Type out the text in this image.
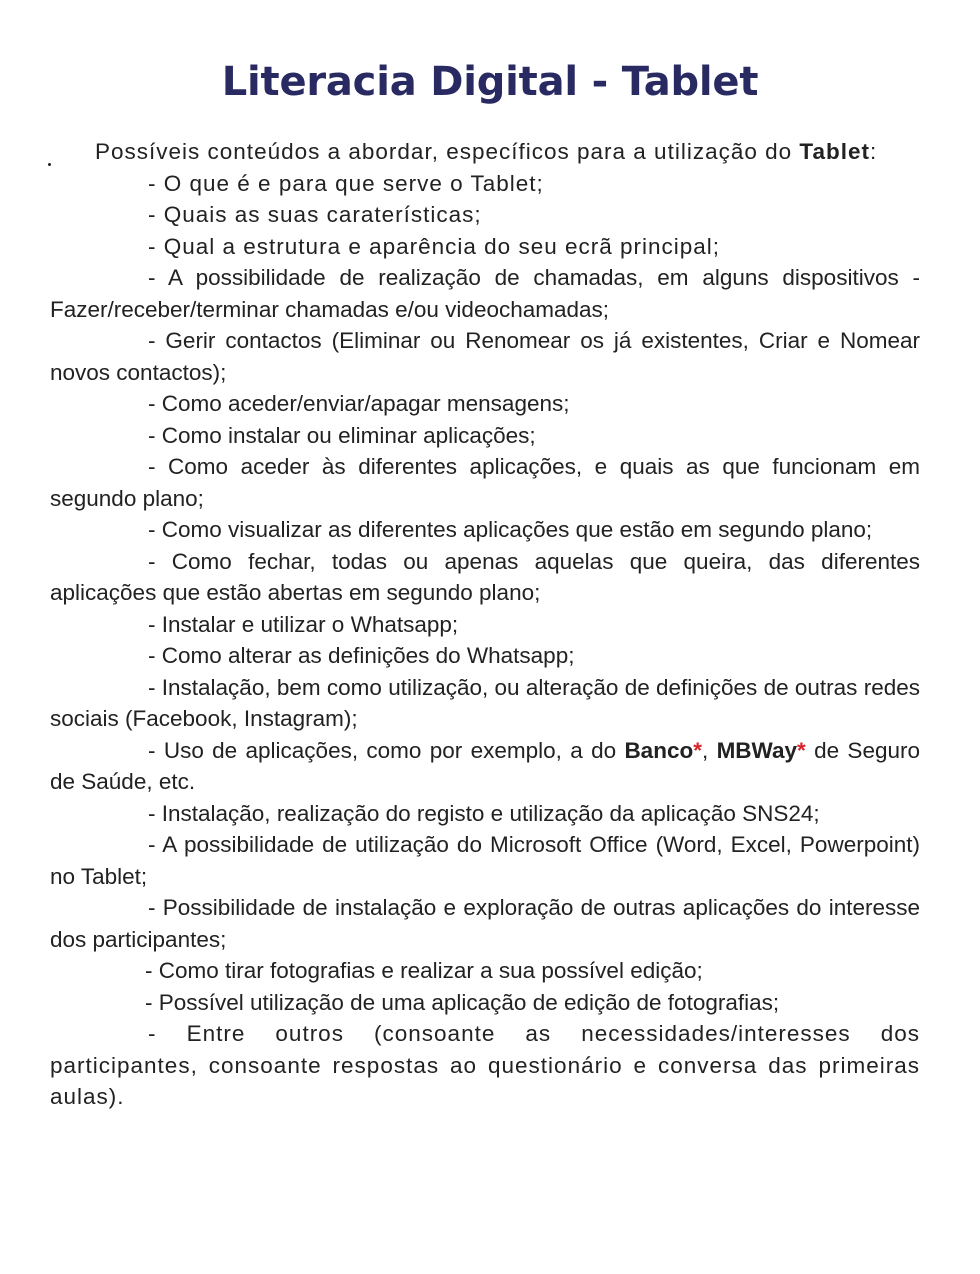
Literacia Digital - Tablet

Possíveis conteúdos a abordar, específicos para a utilização do Tablet:

- O que é e para que serve o Tablet;

- Quais as suas caraterísticas;

- Qual a estrutura e aparência do seu ecrã principal;

- A possibilidade de realização de chamadas, em alguns dispositivos - Fazer/receber/terminar chamadas e/ou videochamadas;

- Gerir contactos (Eliminar ou Renomear os já existentes, Criar e Nomear novos contactos);

- Como aceder/enviar/apagar mensagens;

- Como instalar ou eliminar aplicações;

- Como aceder às diferentes aplicações, e quais as que funcionam em segundo plano;

- Como visualizar as diferentes aplicações que estão em segundo plano;

- Como fechar, todas ou apenas aquelas que queira, das diferentes aplicações que estão abertas em segundo plano;

- Instalar e utilizar o Whatsapp;

- Como alterar as definições do Whatsapp;

- Instalação, bem como utilização, ou alteração de definições de outras redes sociais (Facebook, Instagram);

- Uso de aplicações, como por exemplo, a do Banco*, MBWay* de Seguro de Saúde, etc.

- Instalação, realização do registo e utilização da aplicação SNS24;

- A possibilidade de utilização do Microsoft Office (Word, Excel, Powerpoint) no Tablet;

- Possibilidade de instalação e exploração de outras aplicações do interesse dos participantes;

- Como tirar fotografias e realizar a sua possível edição;

- Possível utilização de uma aplicação de edição de fotografias;

- Entre outros (consoante as necessidades/interesses dos participantes, consoante respostas ao questionário e conversa das primeiras aulas).
